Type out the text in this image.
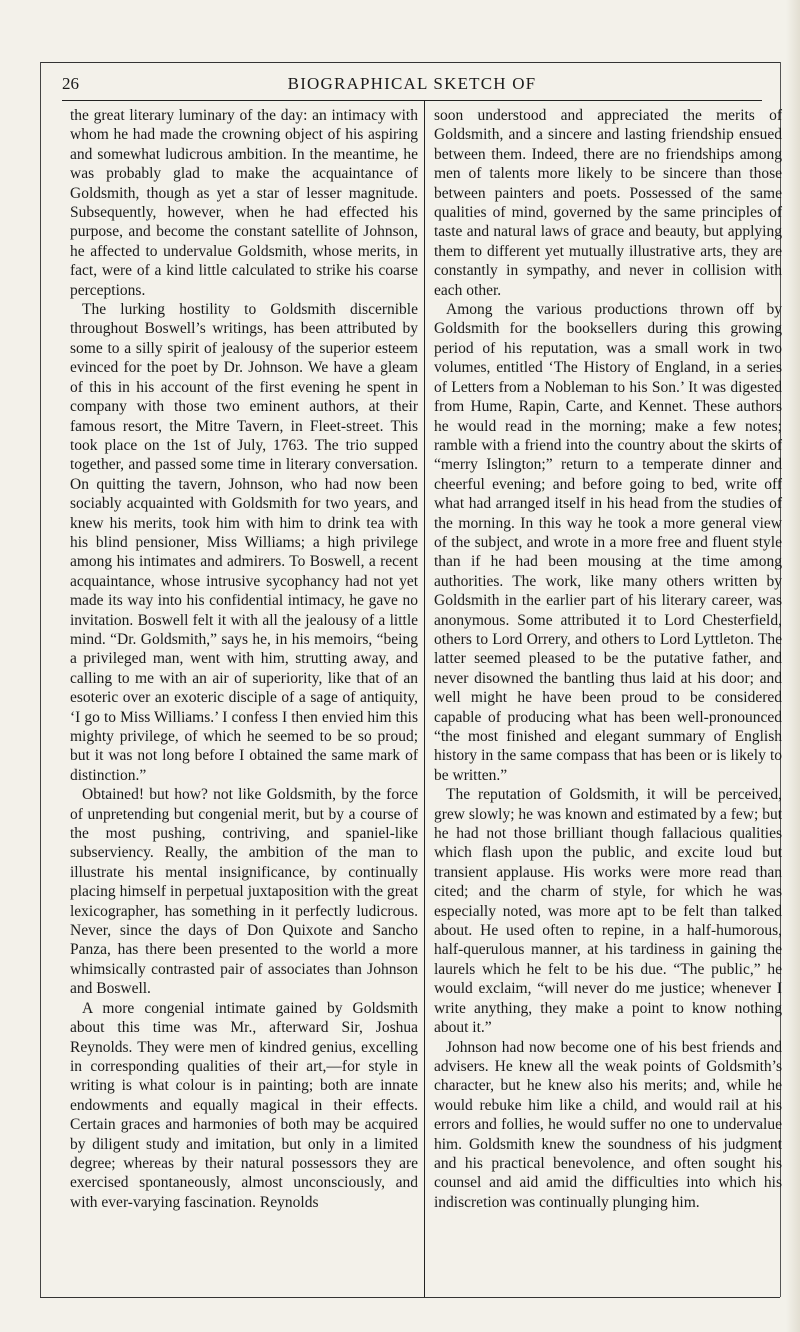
26	BIOGRAPHICAL SKETCH OF

the great literary luminary of the day: an intimacy with whom he had made the crowning object of his aspiring and somewhat ludicrous ambition. In the meantime, he was probably glad to make the acquaintance of Goldsmith, though as yet a star of lesser magnitude. Subsequently, however, when he had effected his purpose, and become the constant satellite of Johnson, he affected to undervalue Goldsmith, whose merits, in fact, were of a kind little calculated to strike his coarse perceptions.

The lurking hostility to Goldsmith discernible throughout Boswell’s writings, has been attributed by some to a silly spirit of jealousy of the superior esteem evinced for the poet by Dr. Johnson. We have a gleam of this in his account of the first evening he spent in company with those two eminent authors, at their famous resort, the Mitre Tavern, in Fleet-street. This took place on the 1st of July, 1763. The trio supped together, and passed some time in literary conversation. On quitting the tavern, Johnson, who had now been sociably acquainted with Goldsmith for two years, and knew his merits, took him with him to drink tea with his blind pensioner, Miss Williams; a high privilege among his intimates and admirers. To Boswell, a recent acquaintance, whose intrusive sycophancy had not yet made its way into his confidential intimacy, he gave no invitation. Boswell felt it with all the jealousy of a little mind. “Dr. Goldsmith,” says he, in his memoirs, “being a privileged man, went with him, strutting away, and calling to me with an air of superiority, like that of an esoteric over an exoteric disciple of a sage of antiquity, ‘I go to Miss Williams.’ I confess I then envied him this mighty privilege, of which he seemed to be so proud; but it was not long before I obtained the same mark of distinction.”

Obtained! but how? not like Goldsmith, by the force of unpretending but congenial merit, but by a course of the most pushing, contriving, and spaniel-like subserviency. Really, the ambition of the man to illustrate his mental insignificance, by continually placing himself in perpetual juxtaposition with the great lexicographer, has something in it perfectly ludicrous. Never, since the days of Don Quixote and Sancho Panza, has there been presented to the world a more whimsically contrasted pair of associates than Johnson and Boswell.

A more congenial intimate gained by Goldsmith about this time was Mr., afterward Sir, Joshua Reynolds. They were men of kindred genius, excelling in corresponding qualities of their art,—for style in writing is what colour is in painting; both are innate endowments and equally magical in their effects. Certain graces and harmonies of both may be acquired by diligent study and imitation, but only in a limited degree; whereas by their natural possessors they are exercised spontaneously, almost unconsciously, and with ever-varying fascination. Reynolds

soon understood and appreciated the merits of Goldsmith, and a sincere and lasting friendship ensued between them. Indeed, there are no friendships among men of talents more likely to be sincere than those between painters and poets. Possessed of the same qualities of mind, governed by the same principles of taste and natural laws of grace and beauty, but applying them to different yet mutually illustrative arts, they are constantly in sympathy, and never in collision with each other.

Among the various productions thrown off by Goldsmith for the booksellers during this growing period of his reputation, was a small work in two volumes, entitled ‘The History of England, in a series of Letters from a Nobleman to his Son.’ It was digested from Hume, Rapin, Carte, and Kennet. These authors he would read in the morning; make a few notes; ramble with a friend into the country about the skirts of “merry Islington;” return to a temperate dinner and cheerful evening; and before going to bed, write off what had arranged itself in his head from the studies of the morning. In this way he took a more general view of the subject, and wrote in a more free and fluent style than if he had been mousing at the time among authorities. The work, like many others written by Goldsmith in the earlier part of his literary career, was anonymous. Some attributed it to Lord Chesterfield, others to Lord Orrery, and others to Lord Lyttleton. The latter seemed pleased to be the putative father, and never disowned the bantling thus laid at his door; and well might he have been proud to be considered capable of producing what has been well-pronounced “the most finished and elegant summary of English history in the same compass that has been or is likely to be written.”

The reputation of Goldsmith, it will be perceived, grew slowly; he was known and estimated by a few; but he had not those brilliant though fallacious qualities which flash upon the public, and excite loud but transient applause. His works were more read than cited; and the charm of style, for which he was especially noted, was more apt to be felt than talked about. He used often to repine, in a half-humorous, half-querulous manner, at his tardiness in gaining the laurels which he felt to be his due. “The public,” he would exclaim, “will never do me justice; whenever I write anything, they make a point to know nothing about it.”

Johnson had now become one of his best friends and advisers. He knew all the weak points of Goldsmith’s character, but he knew also his merits; and, while he would rebuke him like a child, and would rail at his errors and follies, he would suffer no one to undervalue him. Goldsmith knew the soundness of his judgment and his practical benevolence, and often sought his counsel and aid amid the difficulties into which his indiscretion was continually plunging him.
